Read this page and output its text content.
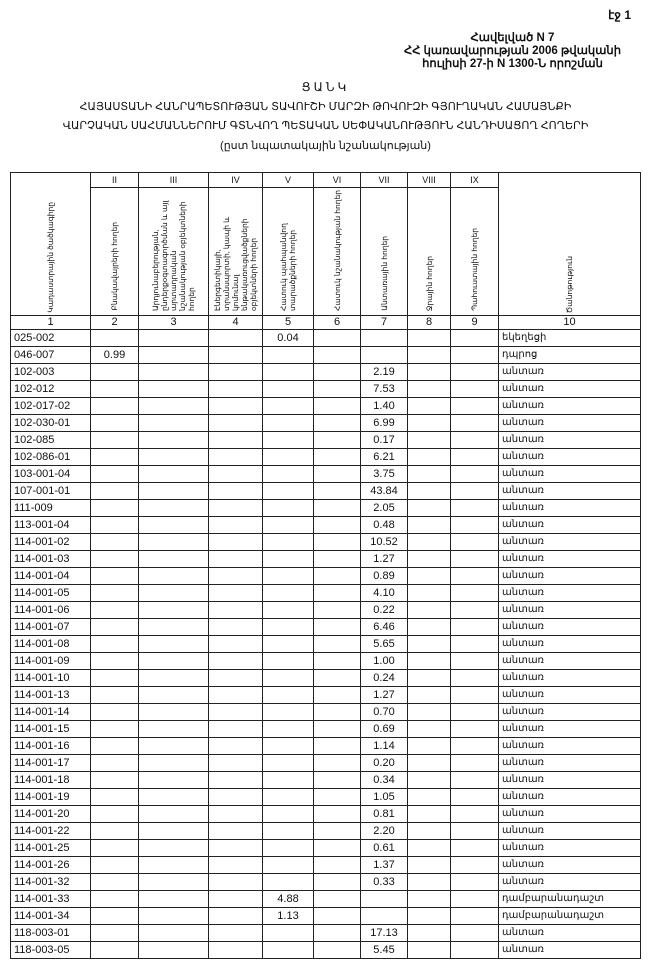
էջ 1
Հավելված N 7
ՀՀ կառավարության 2006 թվականի
հուլիսի 27-ի N 1300-Ն որոշման
ՑԱՆԿ
ՀԱՅԱՍՏԱՆԻ ՀԱՆՐԱՊԵՏՈՒԹՅԱՆ ՏԱՎՈՒՇԻ ՄԱՐԶԻ ԹՈՎՈՒԶԻ ԳՅՈՒՂԱԿԱՆ ՀԱՄԱՅՆՔԻ
ՎԱՐՉԱԿԱՆ ՍԱՀՄԱՆՆԵՐՈՒՄ ԳՏՆՎՈՂ ՊԵՏԱԿԱՆ ՍԵՓԱԿԱՆՈՒԹՅՈՒՆ ՀԱՆԴԻՍԱՑՈՂ ՀՈՂԵՐԻ
(ըստ նպատակային նշանակության)
Կադաստրային ծածկագիրը	II	III	IV	V	VI	VII	VIII	IX	Ծանոթություն
	Բնակավայրերի հողեր	Արդյունաբերության, ընդերքօգտագործման և այլ արտադրական նշանակության օբյեկտների հողեր	Էներգետիկայի, տրանսպորտի, կապի և կոմունալ ենթակառուցվածքների օբյեկտների հողեր	Հատուկ պահպանվող տարածքների հողեր	Հատուկ նշանակության հողեր	Անտառային հողեր	Ջրային հողեր	Պահուստային հողեր	
1	2	3	4	5	6	7	8	9	10
025-002				0.04					եկեղեցի
046-007	0.99								դպրոց
102-003						2.19			անտառ
102-012						7.53			անտառ
102-017-02						1.40			անտառ
102-030-01						6.99			անտառ
102-085						0.17			անտառ
102-086-01						6.21			անտառ
103-001-04						3.75			անտառ
107-001-01						43.84			անտառ
111-009						2.05			անտառ
113-001-04						0.48			անտառ
114-001-02						10.52			անտառ
114-001-03						1.27			անտառ
114-001-04						0.89			անտառ
114-001-05						4.10			անտառ
114-001-06						0.22			անտառ
114-001-07						6.46			անտառ
114-001-08						5.65			անտառ
114-001-09						1.00			անտառ
114-001-10						0.24			անտառ
114-001-13						1.27			անտառ
114-001-14						0.70			անտառ
114-001-15						0.69			անտառ
114-001-16						1.14			անտառ
114-001-17						0.20			անտառ
114-001-18						0.34			անտառ
114-001-19						1.05			անտառ
114-001-20						0.81			անտառ
114-001-22						2.20			անտառ
114-001-25						0.61			անտառ
114-001-26						1.37			անտառ
114-001-32						0.33			անտառ
114-001-33				4.88					դամբարանադաշտ
114-001-34				1.13					դամբարանադաշտ
118-003-01						17.13			անտառ
118-003-05						5.45			անտառ
